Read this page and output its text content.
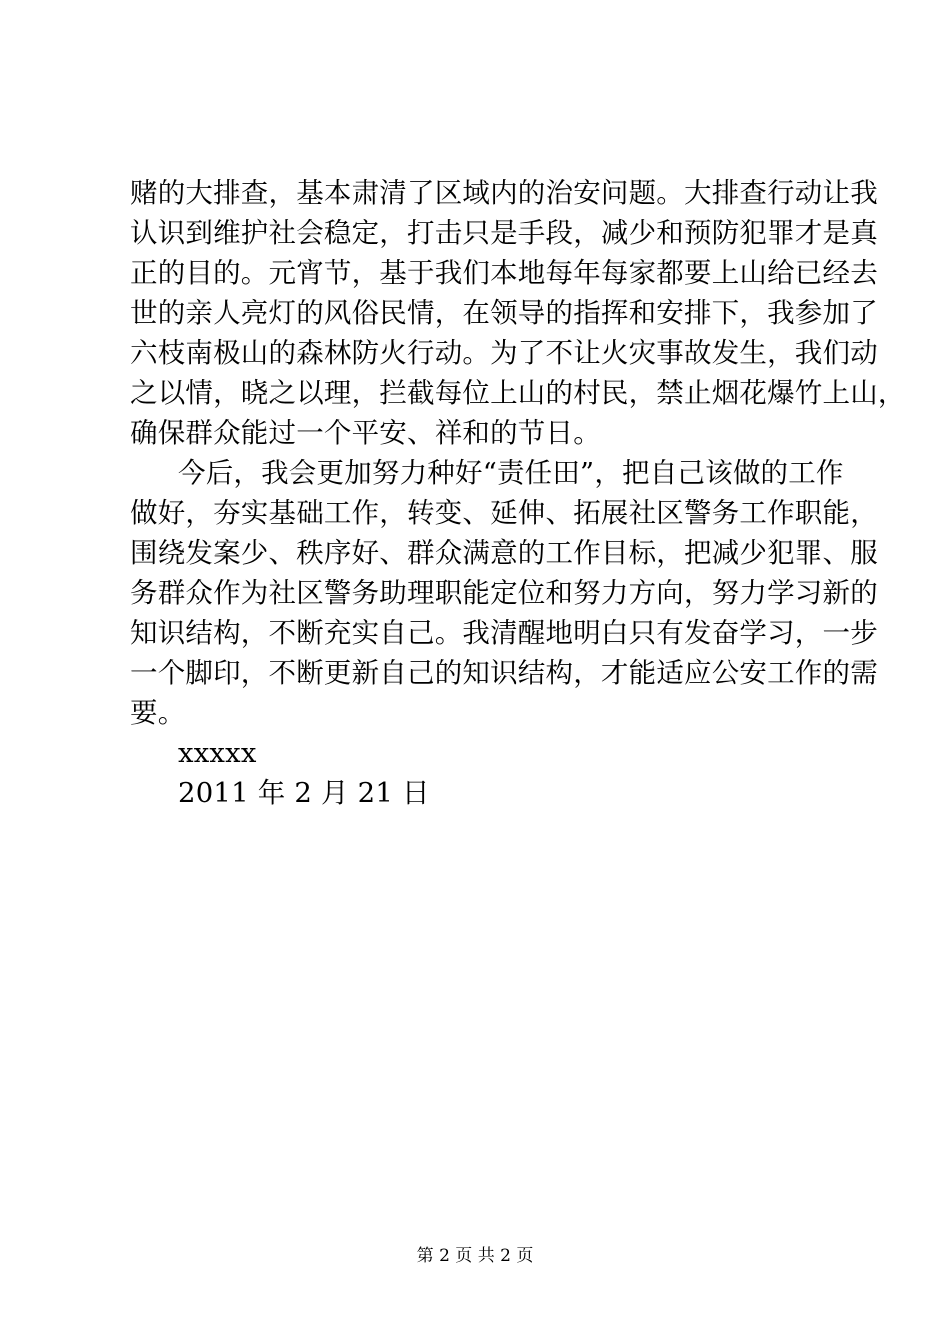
赌的大排查，基本肃清了区域内的治安问题。大排查行动让我
认识到维护社会稳定，打击只是手段，减少和预防犯罪才是真
正的目的。元宵节，基于我们本地每年每家都要上山给已经去
世的亲人亮灯的风俗民情，在领导的指挥和安排下，我参加了
六枝南极山的森林防火行动。为了不让火灾事故发生，我们动
之以情，晓之以理，拦截每位上山的村民，禁止烟花爆竹上山，
确保群众能过一个平安、祥和的节日。
今后，我会更加努力种好“责任田”，把自己该做的工作
做好，夯实基础工作，转变、延伸、拓展社区警务工作职能，
围绕发案少、秩序好、群众满意的工作目标，把减少犯罪、服
务群众作为社区警务助理职能定位和努力方向，努力学习新的
知识结构，不断充实自己。我清醒地明白只有发奋学习，一步
一个脚印，不断更新自己的知识结构，才能适应公安工作的需
要。
xxxxx
2011 年 2 月 21 日
第 2 页 共 2 页
